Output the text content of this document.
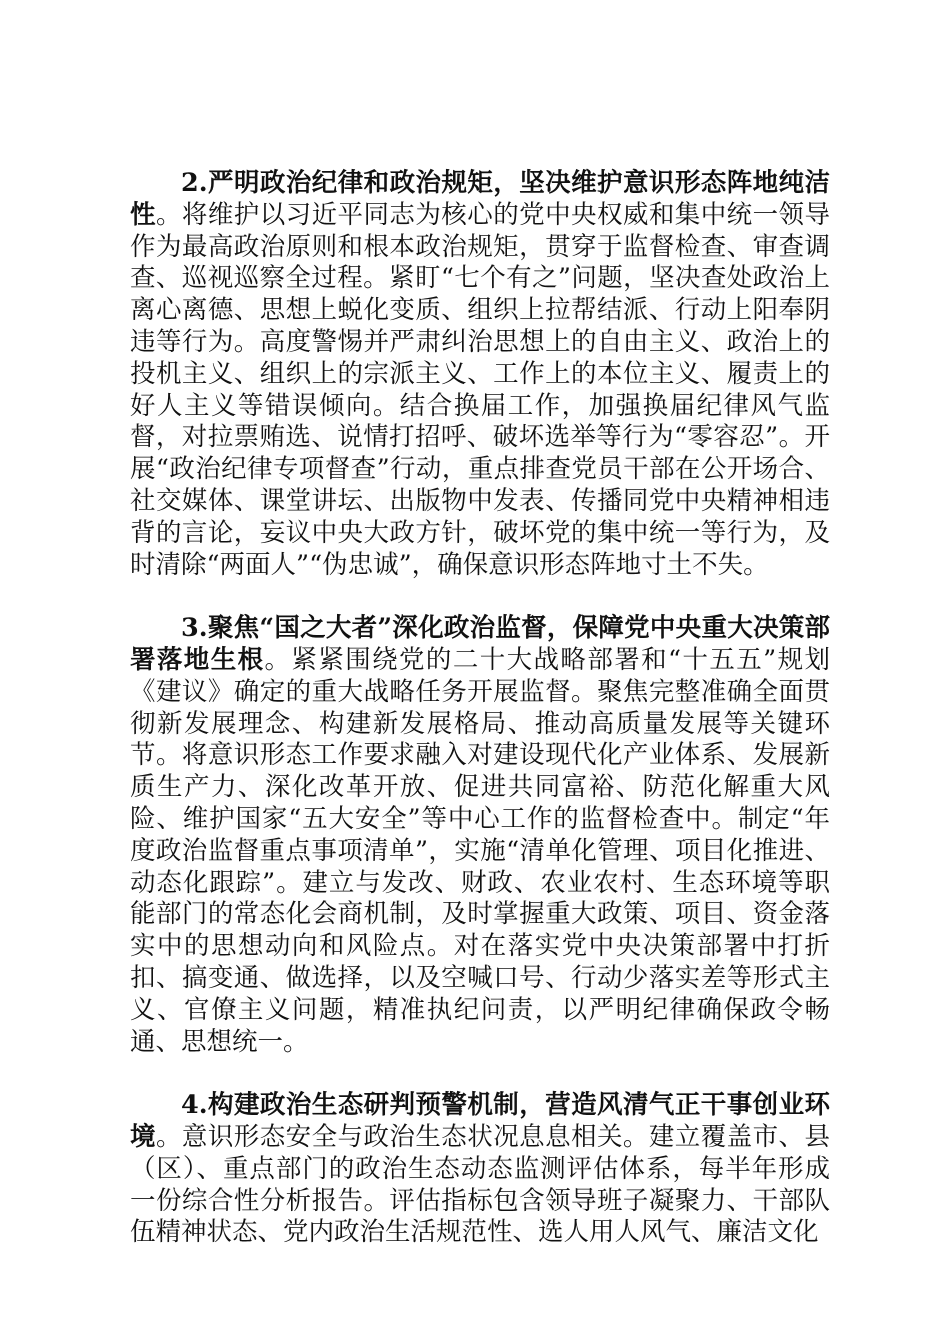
2.严明政治纪律和政治规矩，坚决维护意识形态阵地纯洁性。将维护以习近平同志为核心的党中央权威和集中统一领导作为最高政治原则和根本政治规矩，贯穿于监督检查、审查调查、巡视巡察全过程。紧盯“七个有之”问题，坚决查处政治上离心离德、思想上蜕化变质、组织上拉帮结派、行动上阳奉阴违等行为。高度警惕并严肃纠治思想上的自由主义、政治上的投机主义、组织上的宗派主义、工作上的本位主义、履责上的好人主义等错误倾向。结合换届工作，加强换届纪律风气监督，对拉票贿选、说情打招呼、破坏选举等行为“零容忍”。开展“政治纪律专项督查”行动，重点排查党员干部在公开场合、社交媒体、课堂讲坛、出版物中发表、传播同党中央精神相违背的言论，妄议中央大政方针，破坏党的集中统一等行为，及时清除“两面人”“伪忠诚”，确保意识形态阵地寸土不失。

3.聚焦“国之大者”深化政治监督，保障党中央重大决策部署落地生根。紧紧围绕党的二十大战略部署和“十五五”规划《建议》确定的重大战略任务开展监督。聚焦完整准确全面贯彻新发展理念、构建新发展格局、推动高质量发展等关键环节。将意识形态工作要求融入对建设现代化产业体系、发展新质生产力、深化改革开放、促进共同富裕、防范化解重大风险、维护国家“五大安全”等中心工作的监督检查中。制定“年度政治监督重点事项清单”，实施“清单化管理、项目化推进、动态化跟踪”。建立与发改、财政、农业农村、生态环境等职能部门的常态化会商机制，及时掌握重大政策、项目、资金落实中的思想动向和风险点。对在落实党中央决策部署中打折扣、搞变通、做选择，以及空喊口号、行动少落实差等形式主义、官僚主义问题，精准执纪问责，以严明纪律确保政令畅通、思想统一。

4.构建政治生态研判预警机制，营造风清气正干事创业环境。意识形态安全与政治生态状况息息相关。建立覆盖市、县（区）、重点部门的政治生态动态监测评估体系，每半年形成一份综合性分析报告。评估指标包含领导班子凝聚力、干部队伍精神状态、党内政治生活规范性、选人用人风气、廉洁文化
